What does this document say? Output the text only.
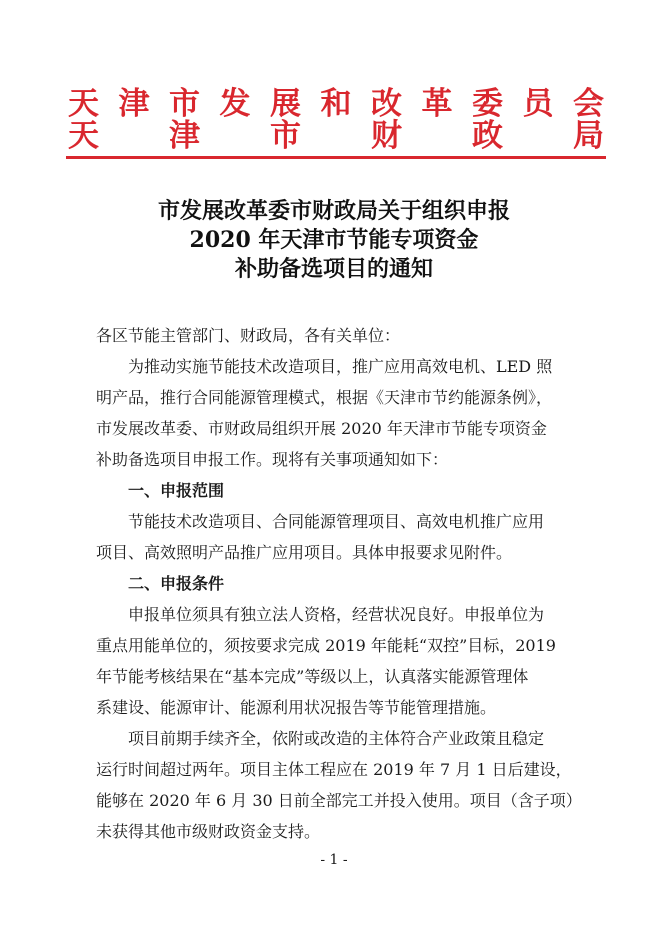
天 津 市 发 展 和 改 革 委 员 会
天 津 市 财 政 局
市发展改革委市财政局关于组织申报
2020 年天津市节能专项资金
补助备选项目的通知
各区节能主管部门、财政局，各有关单位：
为推动实施节能技术改造项目，推广应用高效电机、LED 照
明产品，推行合同能源管理模式，根据《天津市节约能源条例》，
市发展改革委、市财政局组织开展 2020 年天津市节能专项资金
补助备选项目申报工作。现将有关事项通知如下：
一、申报范围
节能技术改造项目、合同能源管理项目、高效电机推广应用
项目、高效照明产品推广应用项目。具体申报要求见附件。
二、申报条件
申报单位须具有独立法人资格，经营状况良好。申报单位为
重点用能单位的，须按要求完成 2019 年能耗“双控”目标，2019
年节能考核结果在“基本完成”等级以上，认真落实能源管理体
系建设、能源审计、能源利用状况报告等节能管理措施。
项目前期手续齐全，依附或改造的主体符合产业政策且稳定
运行时间超过两年。项目主体工程应在 2019 年 7 月 1 日后建设，
能够在 2020 年 6 月 30 日前全部完工并投入使用。项目（含子项）
未获得其他市级财政资金支持。
- 1 -
